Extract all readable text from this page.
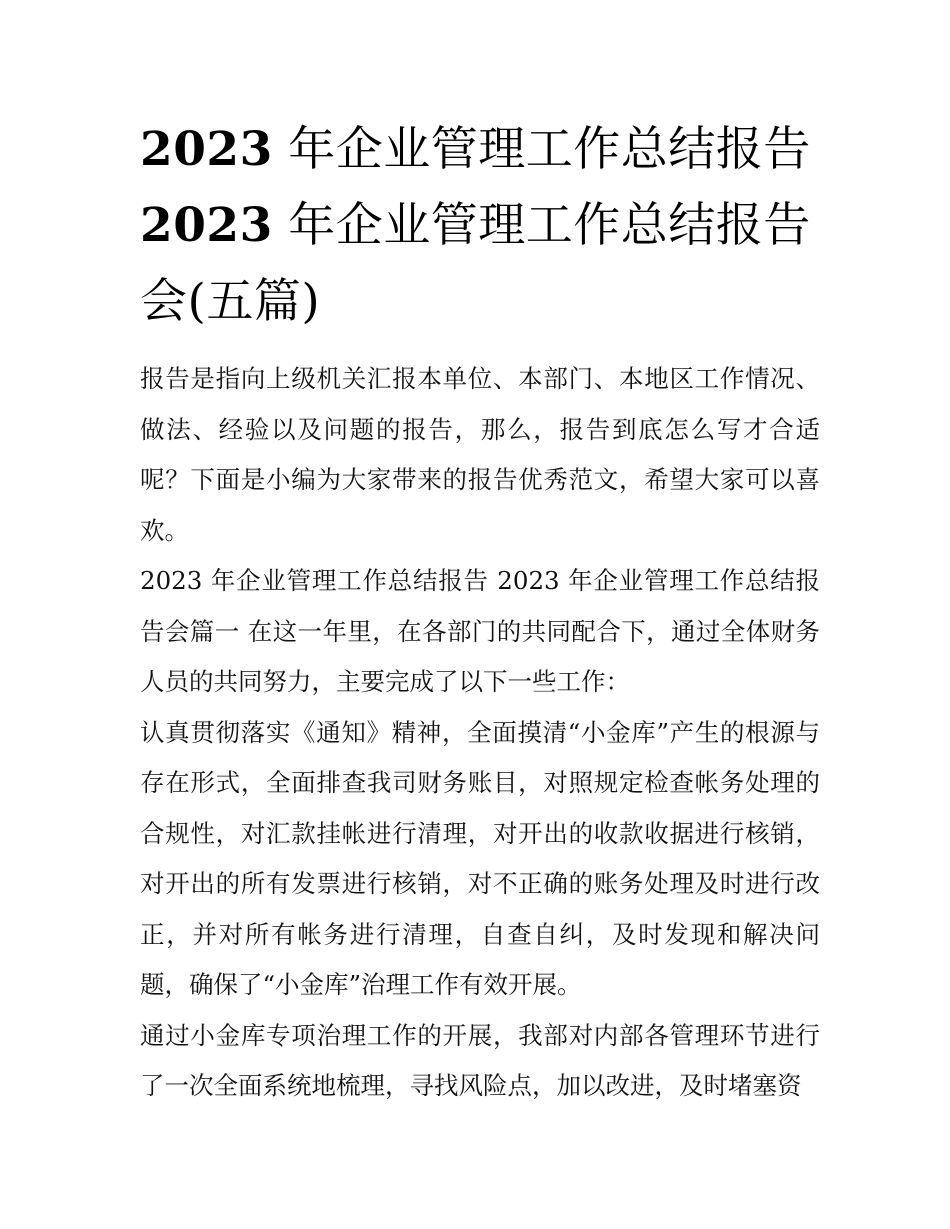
2023 年企业管理工作总结报告
2023 年企业管理工作总结报告
会(五篇)

报告是指向上级机关汇报本单位、本部门、本地区工作情况、做法、经验以及问题的报告，那么，报告到底怎么写才合适呢？下面是小编为大家带来的报告优秀范文，希望大家可以喜欢。

2023 年企业管理工作总结报告 2023 年企业管理工作总结报告会篇一 在这一年里，在各部门的共同配合下，通过全体财务人员的共同努力，主要完成了以下一些工作：

认真贯彻落实《通知》精神，全面摸清“小金库”产生的根源与存在形式，全面排查我司财务账目，对照规定检查帐务处理的合规性，对汇款挂帐进行清理，对开出的收款收据进行核销，对开出的所有发票进行核销，对不正确的账务处理及时进行改正，并对所有帐务进行清理，自查自纠，及时发现和解决问题，确保了“小金库”治理工作有效开展。

通过小金库专项治理工作的开展，我部对内部各管理环节进行了一次全面系统地梳理，寻找风险点，加以改进，及时堵塞资
